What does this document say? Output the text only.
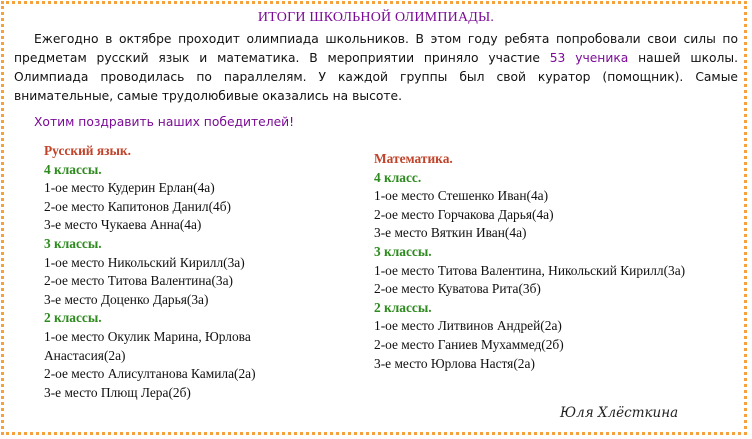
ИТОГИ ШКОЛЬНОЙ ОЛИМПИАДЫ.
Ежегодно в октябре проходит олимпиада школьников. В этом году ребята попробовали свои силы по предметам русский язык и математика. В мероприятии приняло участие 53 ученика нашей школы. Олимпиада проводилась по параллелям. У каждой группы был свой куратор (помощник). Самые внимательные, самые трудолюбивые оказались на высоте.
Хотим поздравить наших победителей!
Русский язык.
4 классы.
1-ое место Кудерин Ерлан(4а)
2-ое место Капитонов Данил(4б)
3-е место Чукаева Анна(4а)
3 классы.
1-ое место Никольский Кирилл(3а)
2-ое место Титова Валентина(3а)
3-е место Доценко Дарья(3а)
2 классы.
1-ое место Окулик Марина, Юрлова Анастасия(2а)
2-ое место Алисултанова Камила(2а)
3-е место Плющ Лера(2б)
Математика.
4 класс.
1-ое место Стешенко Иван(4а)
2-ое место Горчакова Дарья(4а)
3-е место Вяткин Иван(4а)
3 классы.
1-ое место Титова Валентина, Никольский Кирилл(3а)
2-ое место Куватова Рита(3б)
2 классы.
1-ое место Литвинов Андрей(2а)
2-ое место Ганиев Мухаммед(2б)
3-е место Юрлова Настя(2а)
Юля Хлёсткина
